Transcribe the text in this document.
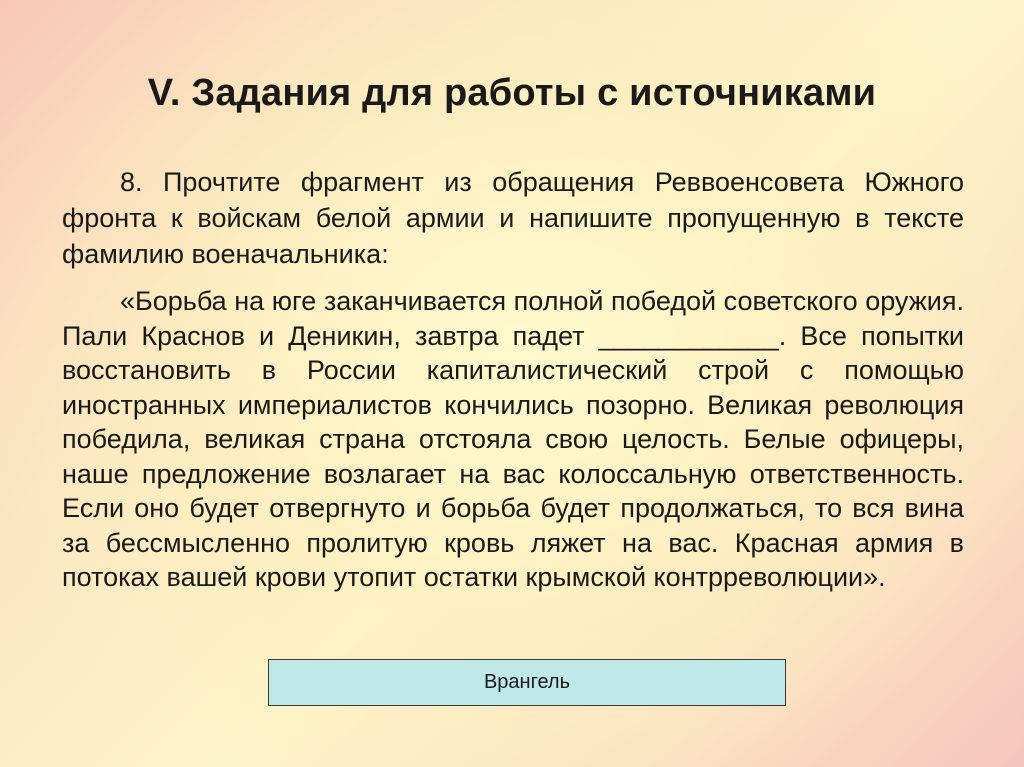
V. Задания для работы с источниками

8. Прочтите фрагмент из обращения Реввоенсовета Южного фронта к войскам белой армии и напишите пропущенную в тексте фамилию военачальника:

«Борьба на юге заканчивается полной победой советского оружия. Пали Краснов и Деникин, завтра падет ____________. Все попытки восстановить в России капиталистический строй с помощью иностранных империалистов кончились позорно. Великая революция победила, великая страна отстояла свою целость. Белые офицеры, наше предложение возлагает на вас колоссальную ответственность. Если оно будет отвергнуто и борьба будет продолжаться, то вся вина за бессмысленно пролитую кровь ляжет на вас. Красная армия в потоках вашей крови утопит остатки крымской контрреволюции».

Врангель
